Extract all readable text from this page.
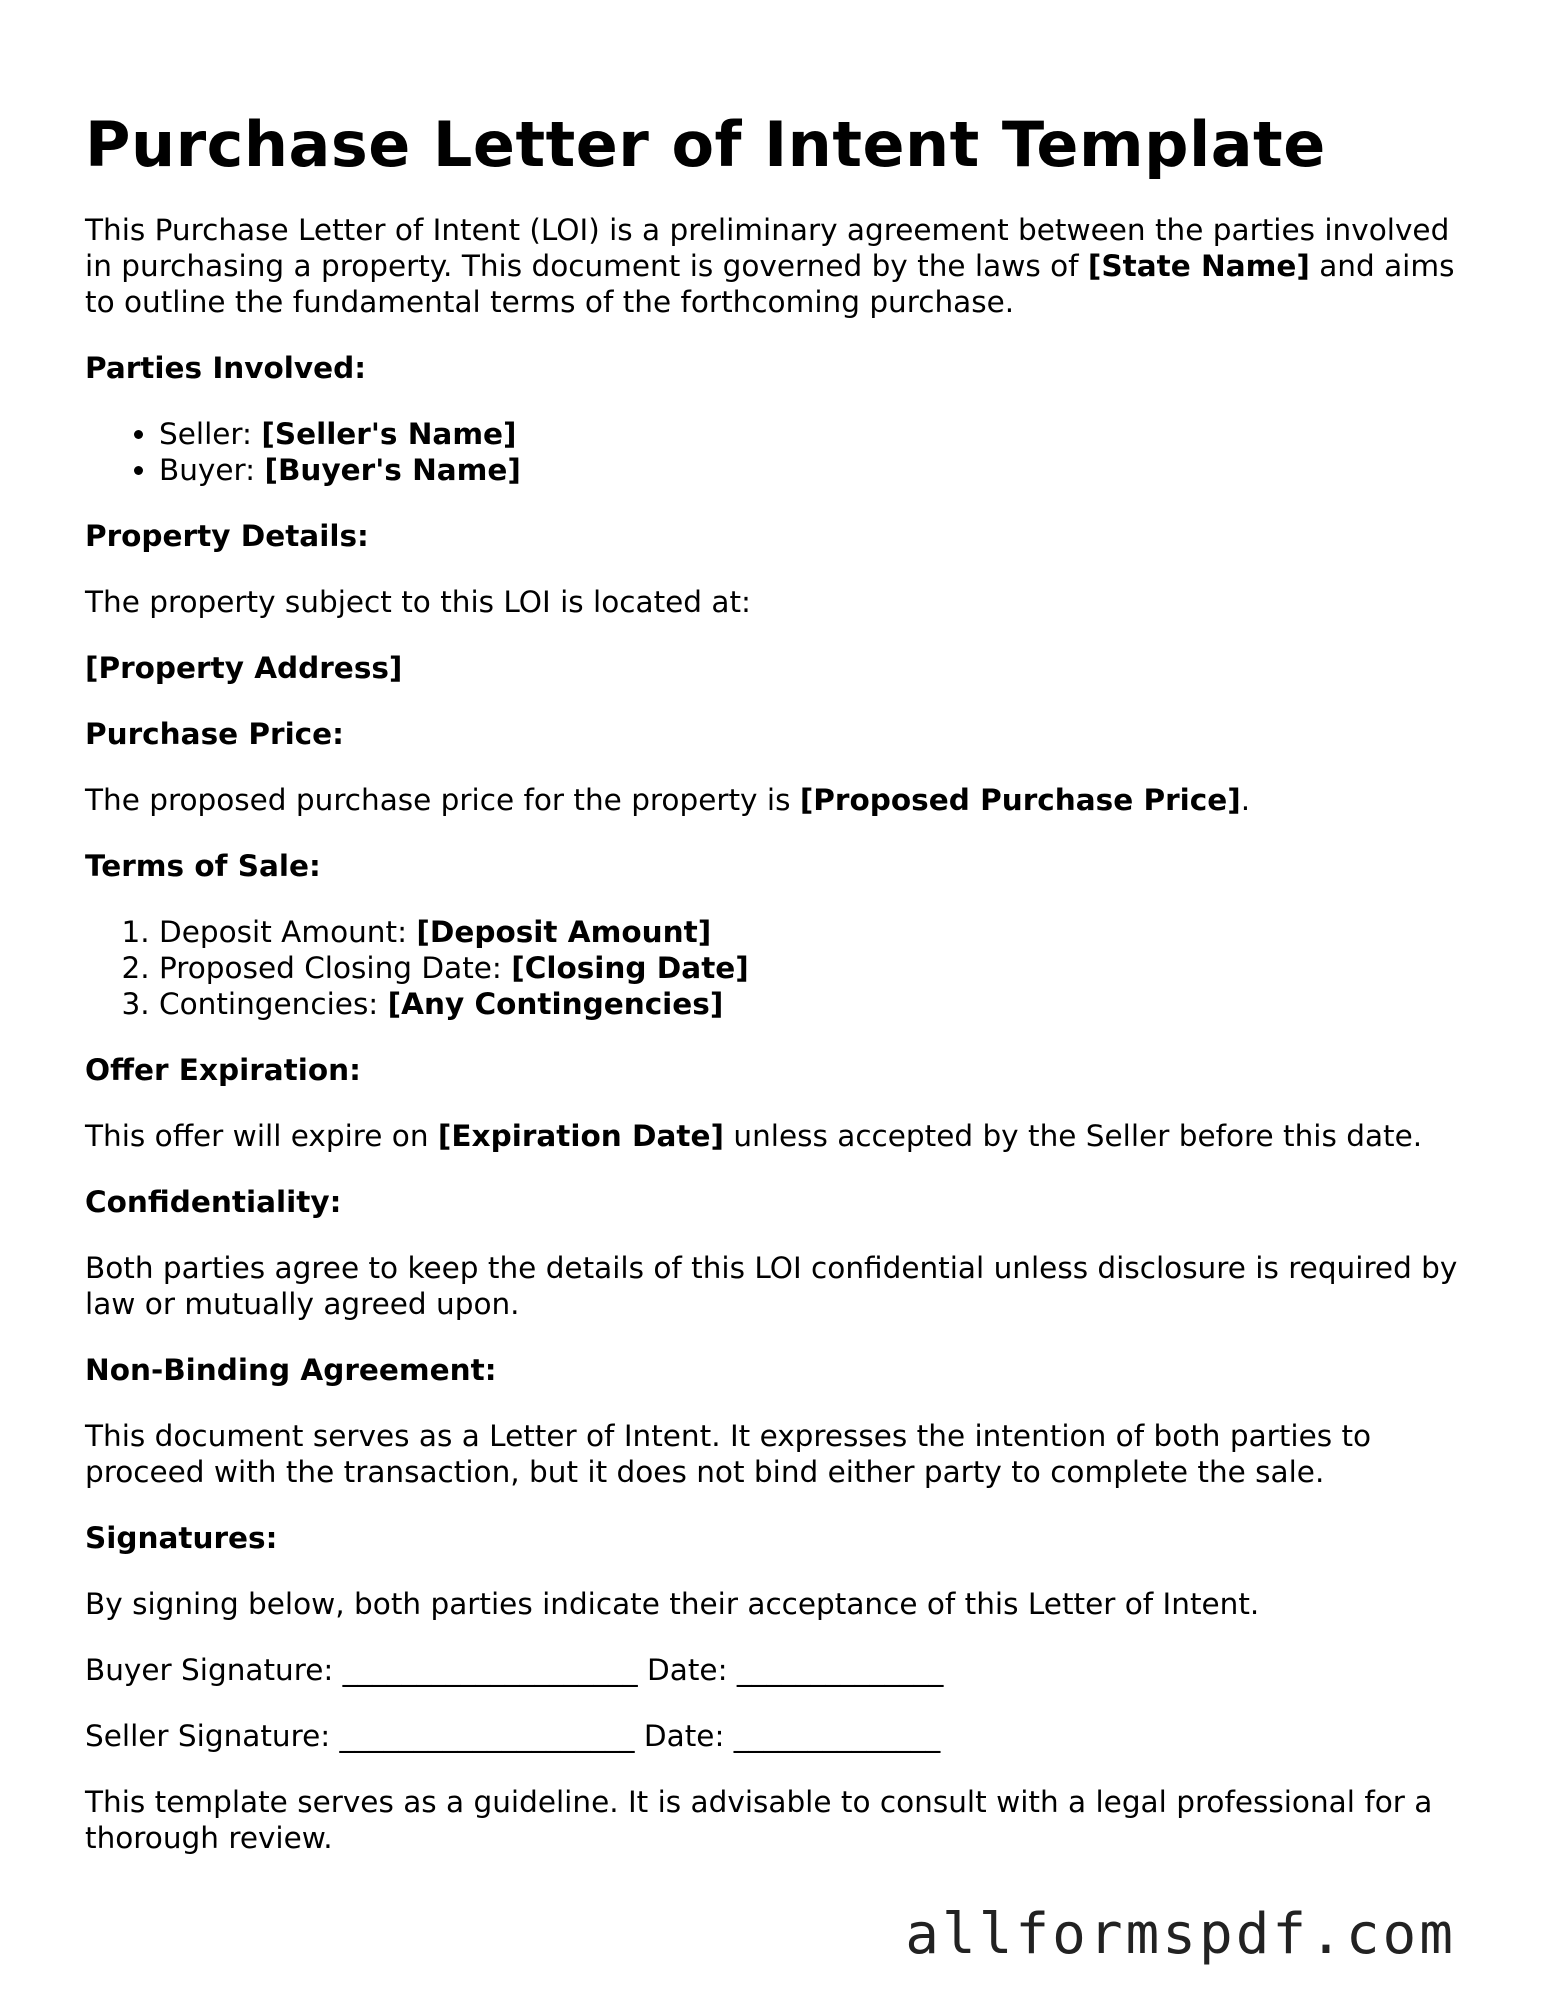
Purchase Letter of Intent Template

This Purchase Letter of Intent (LOI) is a preliminary agreement between the parties involved in purchasing a property. This document is governed by the laws of [State Name] and aims to outline the fundamental terms of the forthcoming purchase.

Parties Involved:

• Seller: [Seller's Name]
• Buyer: [Buyer's Name]

Property Details:

The property subject to this LOI is located at:

[Property Address]

Purchase Price:

The proposed purchase price for the property is [Proposed Purchase Price].

Terms of Sale:

1. Deposit Amount: [Deposit Amount]
2. Proposed Closing Date: [Closing Date]
3. Contingencies: [Any Contingencies]

Offer Expiration:

This offer will expire on [Expiration Date] unless accepted by the Seller before this date.

Confidentiality:

Both parties agree to keep the details of this LOI confidential unless disclosure is required by law or mutually agreed upon.

Non-Binding Agreement:

This document serves as a Letter of Intent. It expresses the intention of both parties to proceed with the transaction, but it does not bind either party to complete the sale.

Signatures:

By signing below, both parties indicate their acceptance of this Letter of Intent.

Buyer Signature: ____________________ Date: ______________

Seller Signature: ____________________ Date: ______________

This template serves as a guideline. It is advisable to consult with a legal professional for a thorough review.

allformspdf.com
